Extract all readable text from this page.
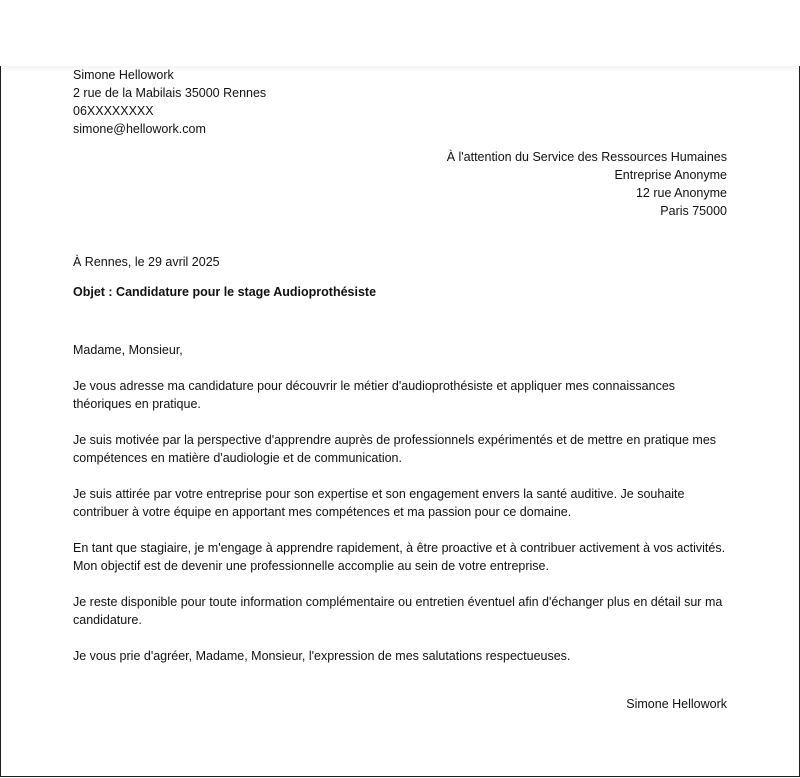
Simone Hellowork
2 rue de la Mabilais 35000 Rennes
06XXXXXXXX
simone@hellowork.com
À l'attention du Service des Ressources Humaines
Entreprise Anonyme
12 rue Anonyme
Paris 75000
À Rennes, le 29 avril 2025
Objet : Candidature pour le stage Audioprothésiste

Madame, Monsieur,

Je vous adresse ma candidature pour découvrir le métier d'audioprothésiste et appliquer mes connaissances théoriques en pratique.

Je suis motivée par la perspective d'apprendre auprès de professionnels expérimentés et de mettre en pratique mes compétences en matière d'audiologie et de communication.

Je suis attirée par votre entreprise pour son expertise et son engagement envers la santé auditive. Je souhaite contribuer à votre équipe en apportant mes compétences et ma passion pour ce domaine.

En tant que stagiaire, je m'engage à apprendre rapidement, à être proactive et à contribuer activement à vos activités. Mon objectif est de devenir une professionnelle accomplie au sein de votre entreprise.

Je reste disponible pour toute information complémentaire ou entretien éventuel afin d'échanger plus en détail sur ma candidature.

Je vous prie d'agréer, Madame, Monsieur, l'expression de mes salutations respectueuses.

Simone Hellowork
